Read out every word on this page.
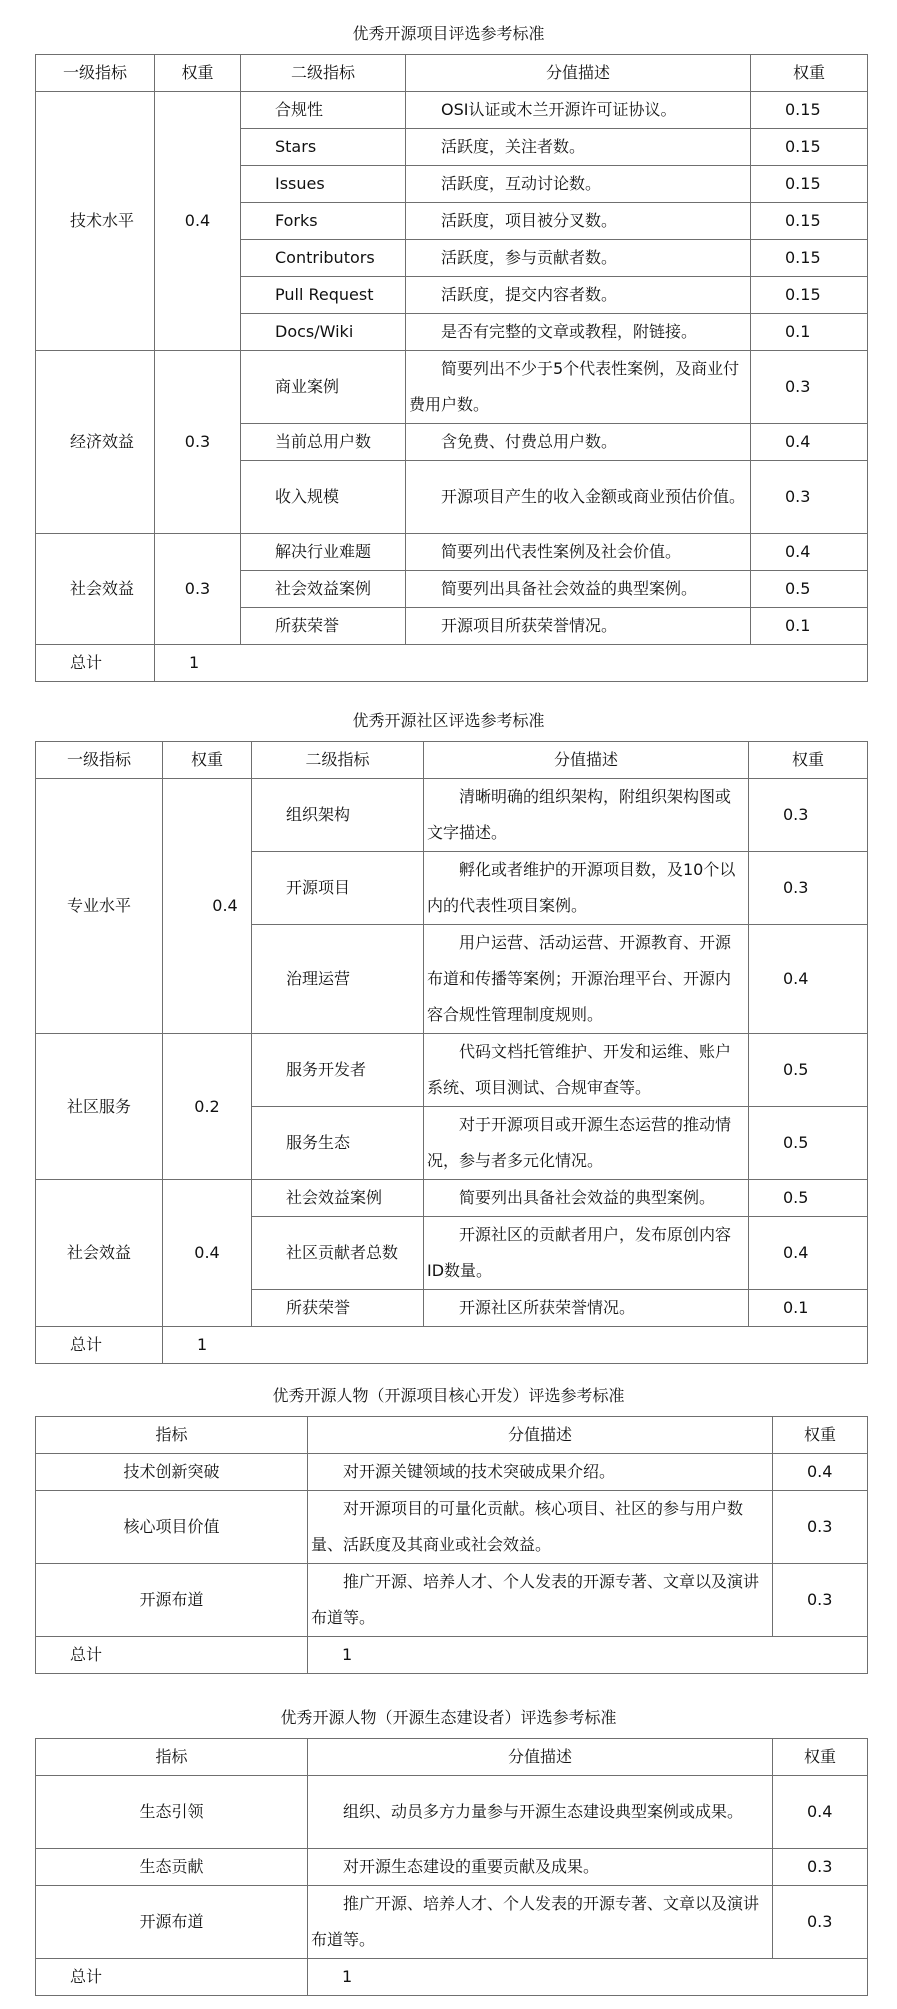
优秀开源项目评选参考标准
一级指标	权重	二级指标	分值描述	权重
技术水平	0.4	合规性	OSI认证或木兰开源许可证协议。	0.15
		Stars	活跃度，关注者数。	0.15
		Issues	活跃度，互动讨论数。	0.15
		Forks	活跃度，项目被分叉数。	0.15
		Contributors	活跃度，参与贡献者数。	0.15
		Pull Request	活跃度，提交内容者数。	0.15
		Docs/Wiki	是否有完整的文章或教程，附链接。	0.1
经济效益	0.3	商业案例	简要列出不少于5个代表性案例，及商业付费用户数。	0.3
		当前总用户数	含免费、付费总用户数。	0.4
		收入规模	开源项目产生的收入金额或商业预估价值。	0.3
社会效益	0.3	解决行业难题	简要列出代表性案例及社会价值。	0.4
		社会效益案例	简要列出具备社会效益的典型案例。	0.5
		所获荣誉	开源项目所获荣誉情况。	0.1
总计	1			
优秀开源社区评选参考标准
一级指标	权重	二级指标	分值描述	权重
专业水平	0.4	组织架构	清晰明确的组织架构，附组织架构图或文字描述。	0.3
		开源项目	孵化或者维护的开源项目数，及10个以内的代表性项目案例。	0.3
		治理运营	用户运营、活动运营、开源教育、开源布道和传播等案例；开源治理平台、开源内容合规性管理制度规则。	0.4
社区服务	0.2	服务开发者	代码文档托管维护、开发和运维、账户系统、项目测试、合规审查等。	0.5
		服务生态	对于开源项目或开源生态运营的推动情况，参与者多元化情况。	0.5
社会效益	0.4	社会效益案例	简要列出具备社会效益的典型案例。	0.5
		社区贡献者总数	开源社区的贡献者用户，发布原创内容ID数量。	0.4
		所获荣誉	开源社区所获荣誉情况。	0.1
总计	1			
优秀开源人物（开源项目核心开发）评选参考标准
指标	分值描述	权重
技术创新突破	对开源关键领域的技术突破成果介绍。	0.4
核心项目价值	对开源项目的可量化贡献。核心项目、社区的参与用户数量、活跃度及其商业或社会效益。	0.3
开源布道	推广开源、培养人才、个人发表的开源专著、文章以及演讲布道等。	0.3
总计	1	
优秀开源人物（开源生态建设者）评选参考标准
指标	分值描述	权重
生态引领	组织、动员多方力量参与开源生态建设典型案例或成果。	0.4
生态贡献	对开源生态建设的重要贡献及成果。	0.3
开源布道	推广开源、培养人才、个人发表的开源专著、文章以及演讲布道等。	0.3
总计	1	
